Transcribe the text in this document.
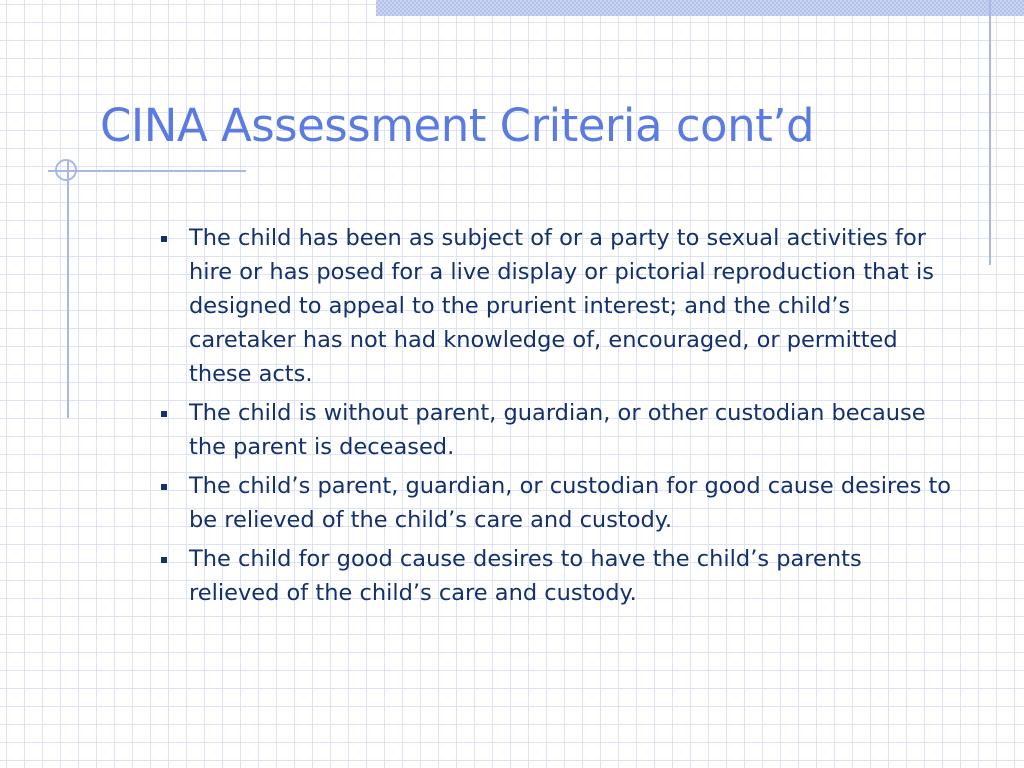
CINA Assessment Criteria cont’d
The child has been as subject of or a party to sexual activities for hire or has posed for a live display or pictorial reproduction that is designed to appeal to the prurient interest; and the child’s caretaker has not had knowledge of, encouraged, or permitted these acts.
The child is without parent, guardian, or other custodian because the parent is deceased.
The child’s parent, guardian, or custodian for good cause desires to be relieved of the child’s care and custody.
The child for good cause desires to have the child’s parents relieved of the child’s care and custody.
